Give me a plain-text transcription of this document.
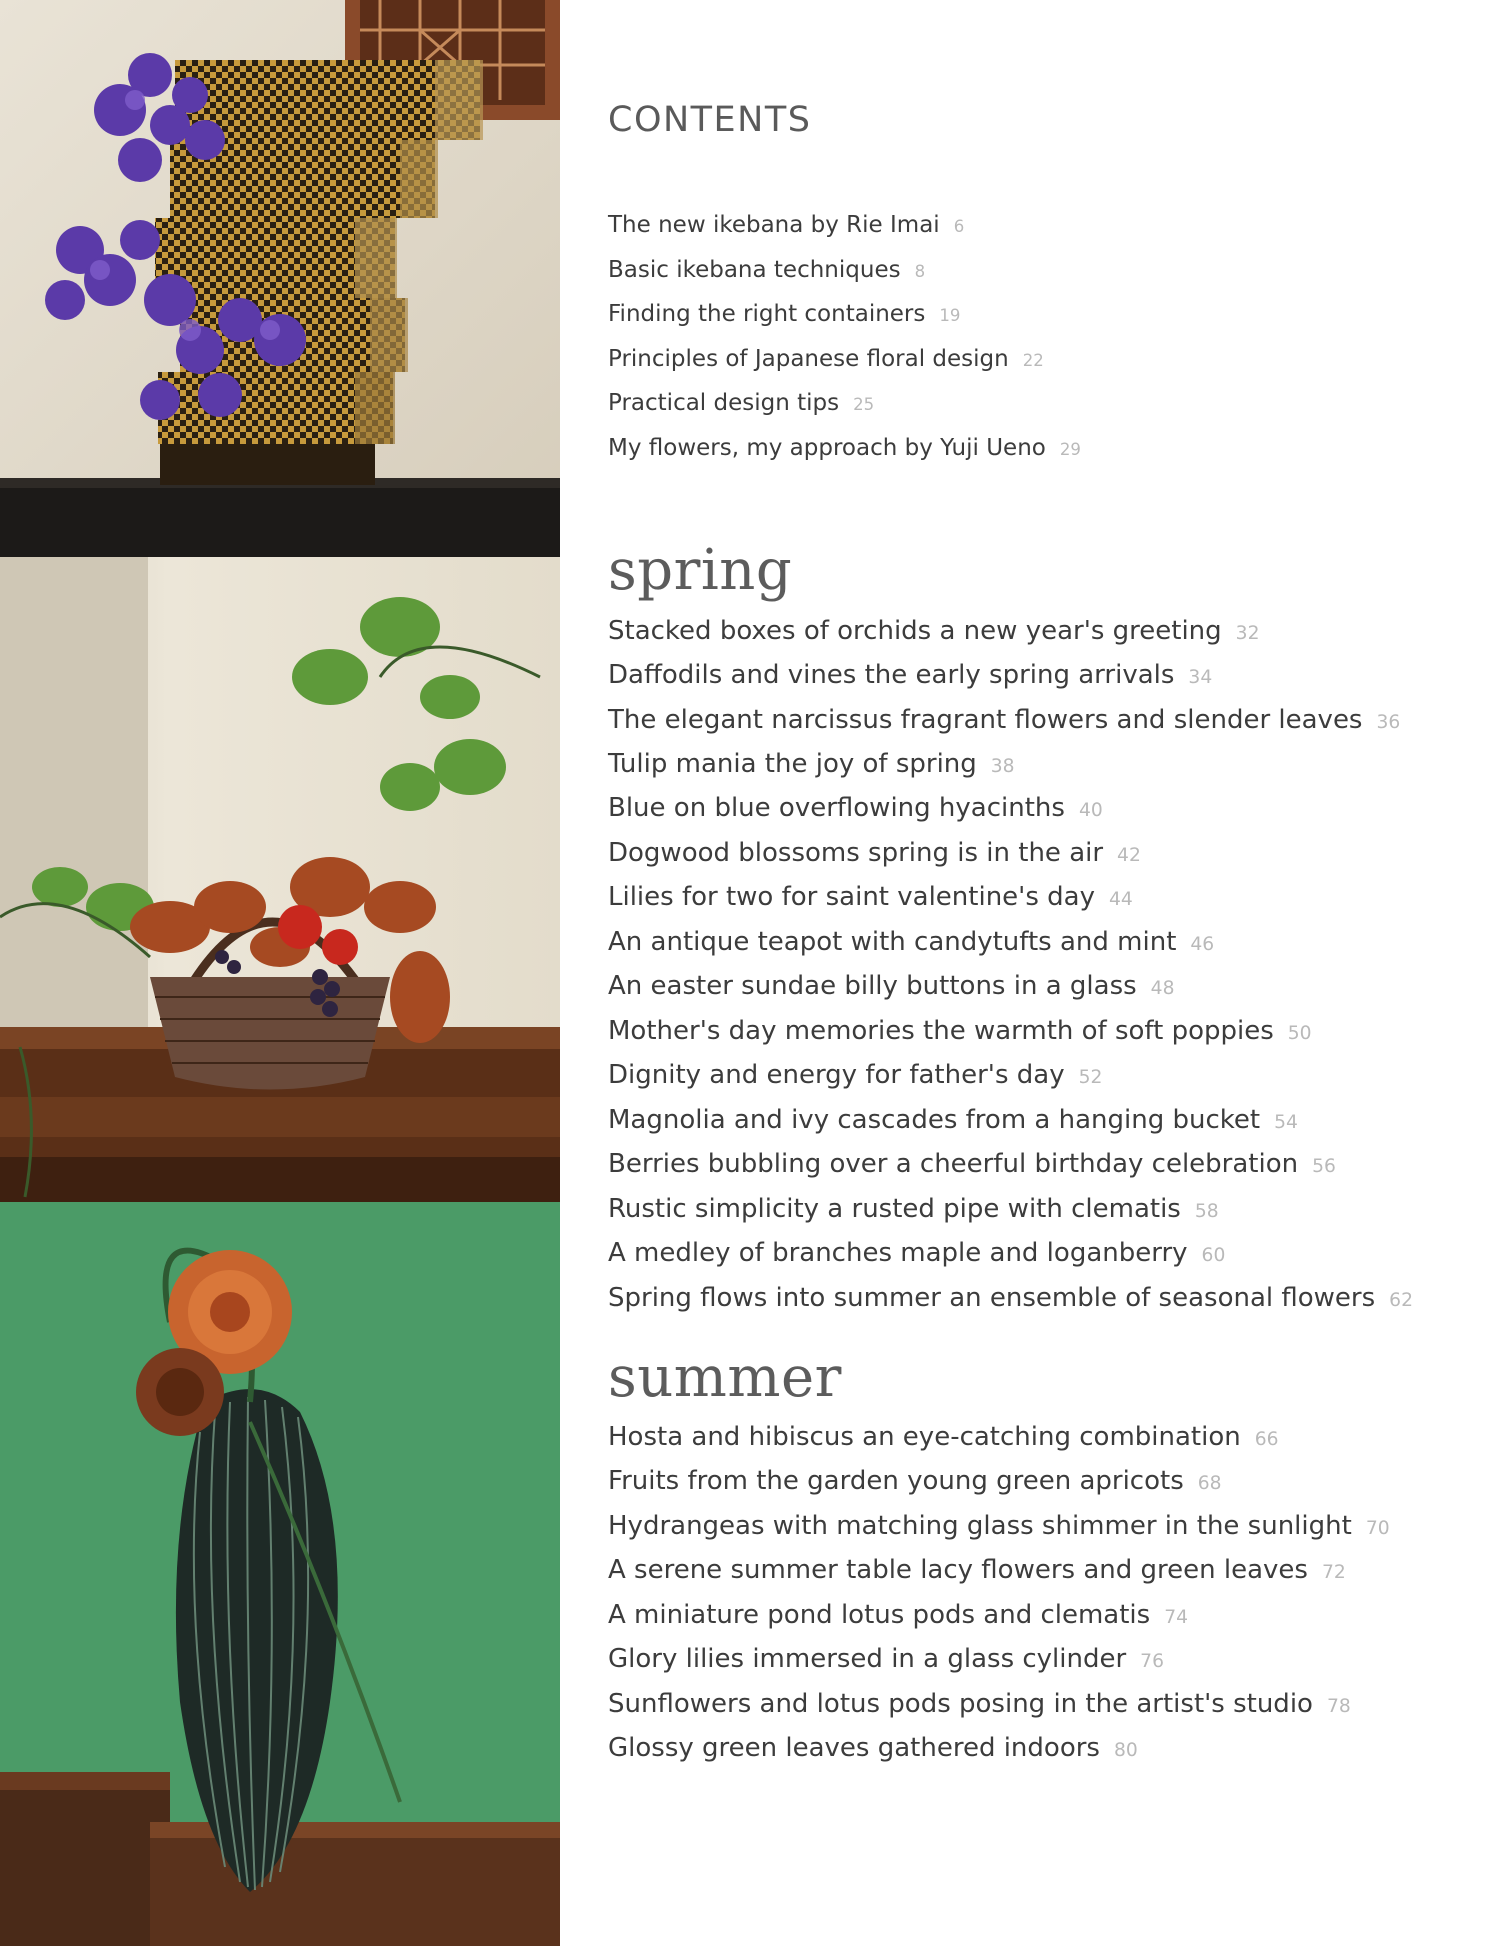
CONTENTS
The new ikebana by Rie Imai 6
Basic ikebana techniques 8
Finding the right containers 19
Principles of Japanese floral design 22
Practical design tips 25
My flowers, my approach by Yuji Ueno 29
spring
Stacked boxes of orchids a new year's greeting 32
Daffodils and vines the early spring arrivals 34
The elegant narcissus fragrant flowers and slender leaves 36
Tulip mania the joy of spring 38
Blue on blue overflowing hyacinths 40
Dogwood blossoms spring is in the air 42
Lilies for two for saint valentine's day 44
An antique teapot with candytufts and mint 46
An easter sundae billy buttons in a glass 48
Mother's day memories the warmth of soft poppies 50
Dignity and energy for father's day 52
Magnolia and ivy cascades from a hanging bucket 54
Berries bubbling over a cheerful birthday celebration 56
Rustic simplicity a rusted pipe with clematis 58
A medley of branches maple and loganberry 60
Spring flows into summer an ensemble of seasonal flowers 62
summer
Hosta and hibiscus an eye-catching combination 66
Fruits from the garden young green apricots 68
Hydrangeas with matching glass shimmer in the sunlight 70
A serene summer table lacy flowers and green leaves 72
A miniature pond lotus pods and clematis 74
Glory lilies immersed in a glass cylinder 76
Sunflowers and lotus pods posing in the artist's studio 78
Glossy green leaves gathered indoors 80
